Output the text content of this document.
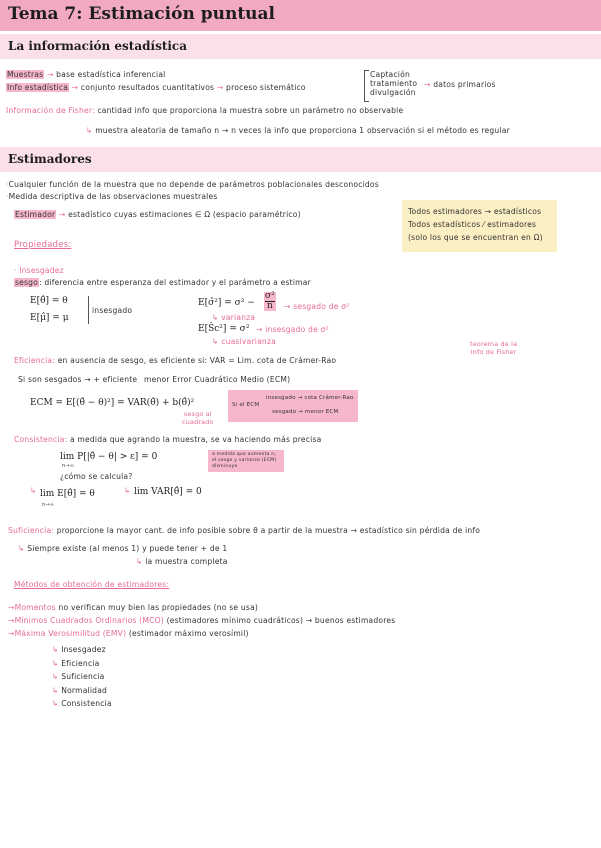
Tema 7: Estimación puntual
La información estadística
Muestras → base estadística inferencial
Info estadística → conjunto resultados cuantitativos → proceso sistemático
Captación
tratamiento
divulgación
→ datos primarios
Información de Fisher: cantidad info que proporciona la muestra sobre un parámetro no observable
↳ muestra aleatoria de tamaño n → n veces la info que proporciona 1 observación si el método es regular
Estimadores
·Cualquier función de la muestra que no depende de parámetros poblacionales desconocidos
·Medida descriptiva de las observaciones muestrales
Estimador → estadístico cuyas estimaciones ∈ Ω (espacio paramétrico)	Todos estimadores → estadísticos
Todos estadísticos ⁄ estimadores
(solo los que se encuentran en Ω)
Propiedades:
· Insesgadez
sesgo: diferencia entre esperanza del estimador y el parámetro a estimar
E[θ̂] = θ
E[μ̂] = μ
insesgado
E[σ̂²] = σ² −
σ²
n → sesgado de σ²
↳ varianza
E[Ŝc²] = σ² → insesgado de σ²
↳ cuasivarianza
Eficiencia: en ausencia de sesgo, es eficiente si: VAR = Lim. cota de Crámer-Rao
teorema de la
info de Fisher
Si son sesgados → + eficiente menor Error Cuadrático Medio (ECM)
ECM = E[(θ̂ − θ)²] = VAR(θ̂) + b(θ̂)²
sesgo al
cuadrado
Si el ECM
insesgado → cota Crámer-Rao
sesgado → menor ECM
Consistencia: a medida que agrando la muestra, se va haciendo más precisa
lim P[|θ̂ − θ| > ε] = 0
n→∞
¿cómo se calcula?
a medida que aumenta n,
el sesgo y varianza (ECM)
disminuye
↳ lim E[θ̂] = θ
n→∞
↳ lim VAR[θ̂] = 0
Suficiencia: proporcione la mayor cant. de info posible sobre θ a partir de la muestra → estadístico sin pérdida de info
↳ Siempre existe (al menos 1) y puede tener + de 1
↳ la muestra completa
Métodos de obtención de estimadores:
→Momentos no verifican muy bien las propiedades (no se usa)
→Mínimos Cuadrados Ordinarios (MCO) (estimadores mínimo cuadráticos) → buenos estimadores
→Máxima Verosimilitud (EMV) (estimador máximo verosímil)
↳ Insesgadez
↳ Eficiencia
↳ Suficiencia
↳ Normalidad
↳ Consistencia
